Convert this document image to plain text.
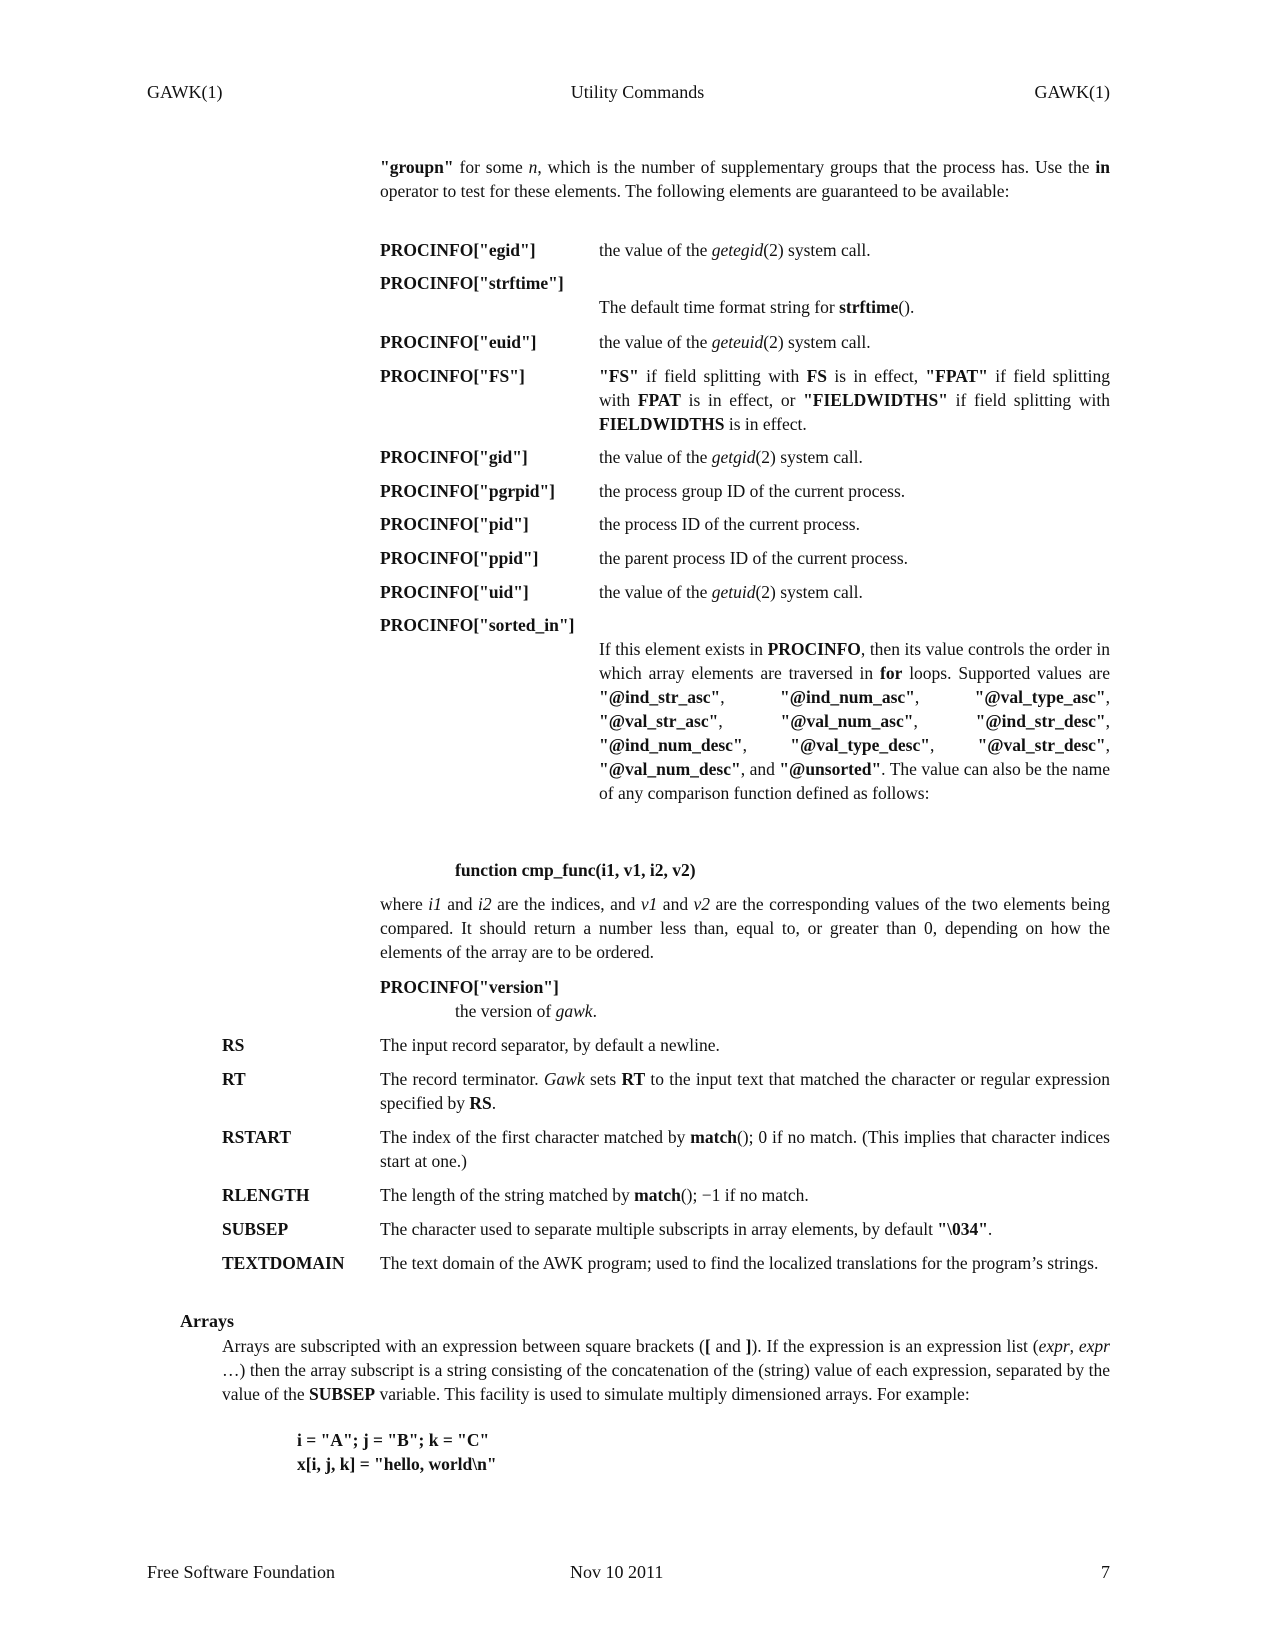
GAWK(1)	Utility Commands	GAWK(1)
"groupn" for some n, which is the number of supplementary groups that the process has. Use the in operator to test for these elements. The following elements are guaranteed to be available:
PROCINFO["egid"]	the value of the getegid(2) system call.
PROCINFO["strftime"]
The default time format string for strftime().
PROCINFO["euid"]	the value of the geteuid(2) system call.
PROCINFO["FS"]	"FS" if field splitting with FS is in effect, "FPAT" if field splitting with FPAT is in effect, or "FIELDWIDTHS" if field splitting with FIELDWIDTHS is in effect.
PROCINFO["gid"]	the value of the getgid(2) system call.
PROCINFO["pgrpid"]	the process group ID of the current process.
PROCINFO["pid"]	the process ID of the current process.
PROCINFO["ppid"]	the parent process ID of the current process.
PROCINFO["uid"]	the value of the getuid(2) system call.
PROCINFO["sorted_in"]
If this element exists in PROCINFO, then its value controls the order in which array elements are traversed in for loops. Supported values are "@ind_str_asc", "@ind_num_asc", "@val_type_asc", "@val_str_asc", "@val_num_asc", "@ind_str_desc", "@ind_num_desc", "@val_type_desc", "@val_str_desc", "@val_num_desc", and "@unsorted". The value can also be the name of any comparison function defined as follows:
function cmp_func(i1, v1, i2, v2)
where i1 and i2 are the indices, and v1 and v2 are the corresponding values of the two elements being compared. It should return a number less than, equal to, or greater than 0, depending on how the elements of the array are to be ordered.
PROCINFO["version"]
the version of gawk.
RS	The input record separator, by default a newline.
RT	The record terminator. Gawk sets RT to the input text that matched the character or regular expression specified by RS.
RSTART	The index of the first character matched by match(); 0 if no match. (This implies that character indices start at one.)
RLENGTH	The length of the string matched by match(); −1 if no match.
SUBSEP	The character used to separate multiple subscripts in array elements, by default "\034".
TEXTDOMAIN The text domain of the AWK program; used to find the localized translations for the program’s strings.
Arrays
Arrays are subscripted with an expression between square brackets ([ and ]). If the expression is an expression list (expr, expr …) then the array subscript is a string consisting of the concatenation of the (string) value of each expression, separated by the value of the SUBSEP variable. This facility is used to simulate multiply dimensioned arrays. For example:
i = "A"; j = "B"; k = "C"
x[i, j, k] = "hello, world\n"
Free Software Foundation	Nov 10 2011	7
